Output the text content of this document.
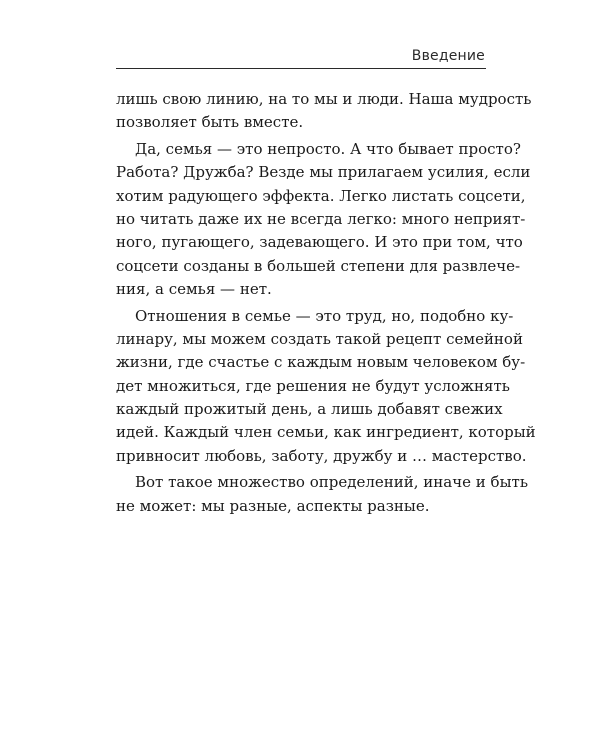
Введение
лишь свою линию, на то мы и люди. Наша мудрость
позволяет быть вместе.
Да, семья — это непросто. А что бывает просто?
Работа? Дружба? Везде мы прилагаем усилия, если
хотим радующего эффекта. Легко листать соцсети,
но читать даже их не всегда легко: много неприят-
ного, пугающего, задевающего. И это при том, что
соцсети созданы в большей степени для развлече-
ния, а семья — нет.
Отношения в семье — это труд, но, подобно ку-
линару, мы можем создать такой рецепт семейной
жизни, где счастье с каждым новым человеком бу-
дет множиться, где решения не будут усложнять
каждый прожитый день, а лишь добавят свежих
идей. Каждый член семьи, как ингредиент, который
привносит любовь, заботу, дружбу и … мастерство.
Вот такое множество определений, иначе и быть
не может: мы разные, аспекты разные.
